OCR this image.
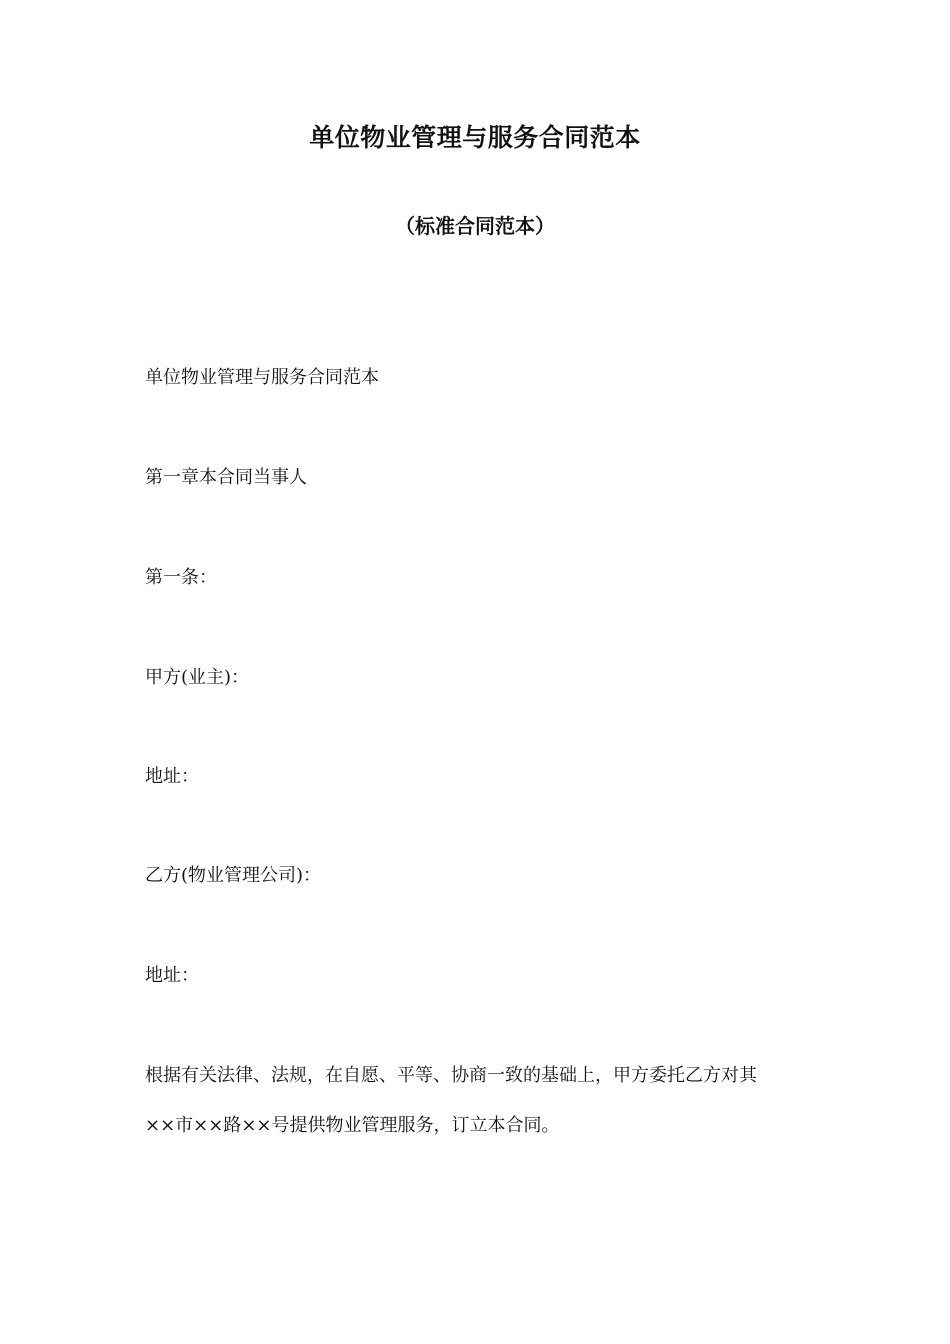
单位物业管理与服务合同范本
（标准合同范本）
单位物业管理与服务合同范本
第一章本合同当事人
第一条：
甲方(业主)：
地址：
乙方(物业管理公司)：
地址：
根据有关法律、法规，在自愿、平等、协商一致的基础上，甲方委托乙方对其
××市××路××号提供物业管理服务，订立本合同。
